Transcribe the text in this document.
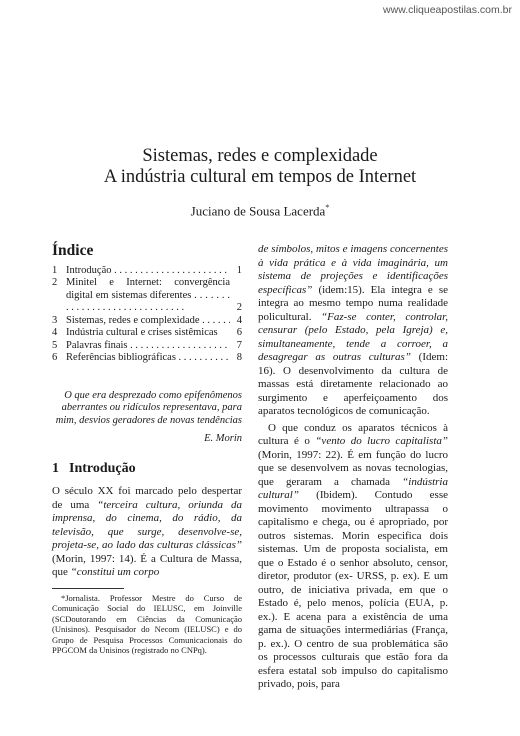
www.cliqueapostilas.com.br
Sistemas, redes e complexidade
A indústria cultural em tempos de Internet
Juciano de Sousa Lacerda*
Índice
1 Introdução . . .	1
2 Minitel e Internet: convergência digital em sistemas diferentes . . .
2
3 Sistemas, redes e complexidade . . .	4
4 Indústria cultural e crises sistêmicas	6
5 Palavras finais . . .	7
6 Referências bibliográficas . . .	8
O que era desprezado como epifenômenos aberrantes ou ridículos representava, para mim, desvios geradores de novas tendências
E. Morin
1 Introdução

O século XX foi marcado pelo despertar de uma “terceira cultura, oriunda da imprensa, do cinema, do rádio, da televisão, que surge, desenvolve-se, projeta-se, ao lado das culturas clássicas” (Morin, 1997: 14). É a Cultura de Massa, que “constitui um corpo

*Jornalista. Professor Mestre do Curso de Comunicação Social do IELUSC, em Joinville (SCDoutorando em Ciências da Comunicação (Unisinos). Pesquisador do Necom (IELUSC) e do Grupo de Pesquisa Processos Comunicacionais do PPGCOM da Unisinos (registrado no CNPq).

de símbolos, mitos e imagens concernentes à vida prática e à vida imaginária, um sistema de projeções e identificações específicas” (idem:15). Ela integra e se integra ao mesmo tempo numa realidade policultural. “Faz-se conter, controlar, censurar (pelo Estado, pela Igreja) e, simultaneamente, tende a corroer, a desagregar as outras culturas” (Idem: 16). O desenvolvimento da cultura de massas está diretamente relacionado ao surgimento e aperfeiçoamento dos aparatos tecnológicos de comunicação.

O que conduz os aparatos técnicos à cultura é o “vento do lucro capitalista” (Morin, 1997: 22). É em função do lucro que se desenvolvem as novas tecnologias, que geraram a chamada “indústria cultural” (Ibidem). Contudo esse movimento movimento ultrapassa o capitalismo e chega, ou é apropriado, por outros sistemas. Morin especifica dois sistemas. Um de proposta socialista, em que o Estado é o senhor absoluto, censor, diretor, produtor (ex- URSS, p. ex). E um outro, de iniciativa privada, em que o Estado é, pelo menos, polícia (EUA, p. ex.). E acena para a existência de uma gama de situações intermediárias (França, p. ex.). O centro de sua problemática são os processos culturais que estão fora da esfera estatal sob impulso do capitalismo privado, pois, para
